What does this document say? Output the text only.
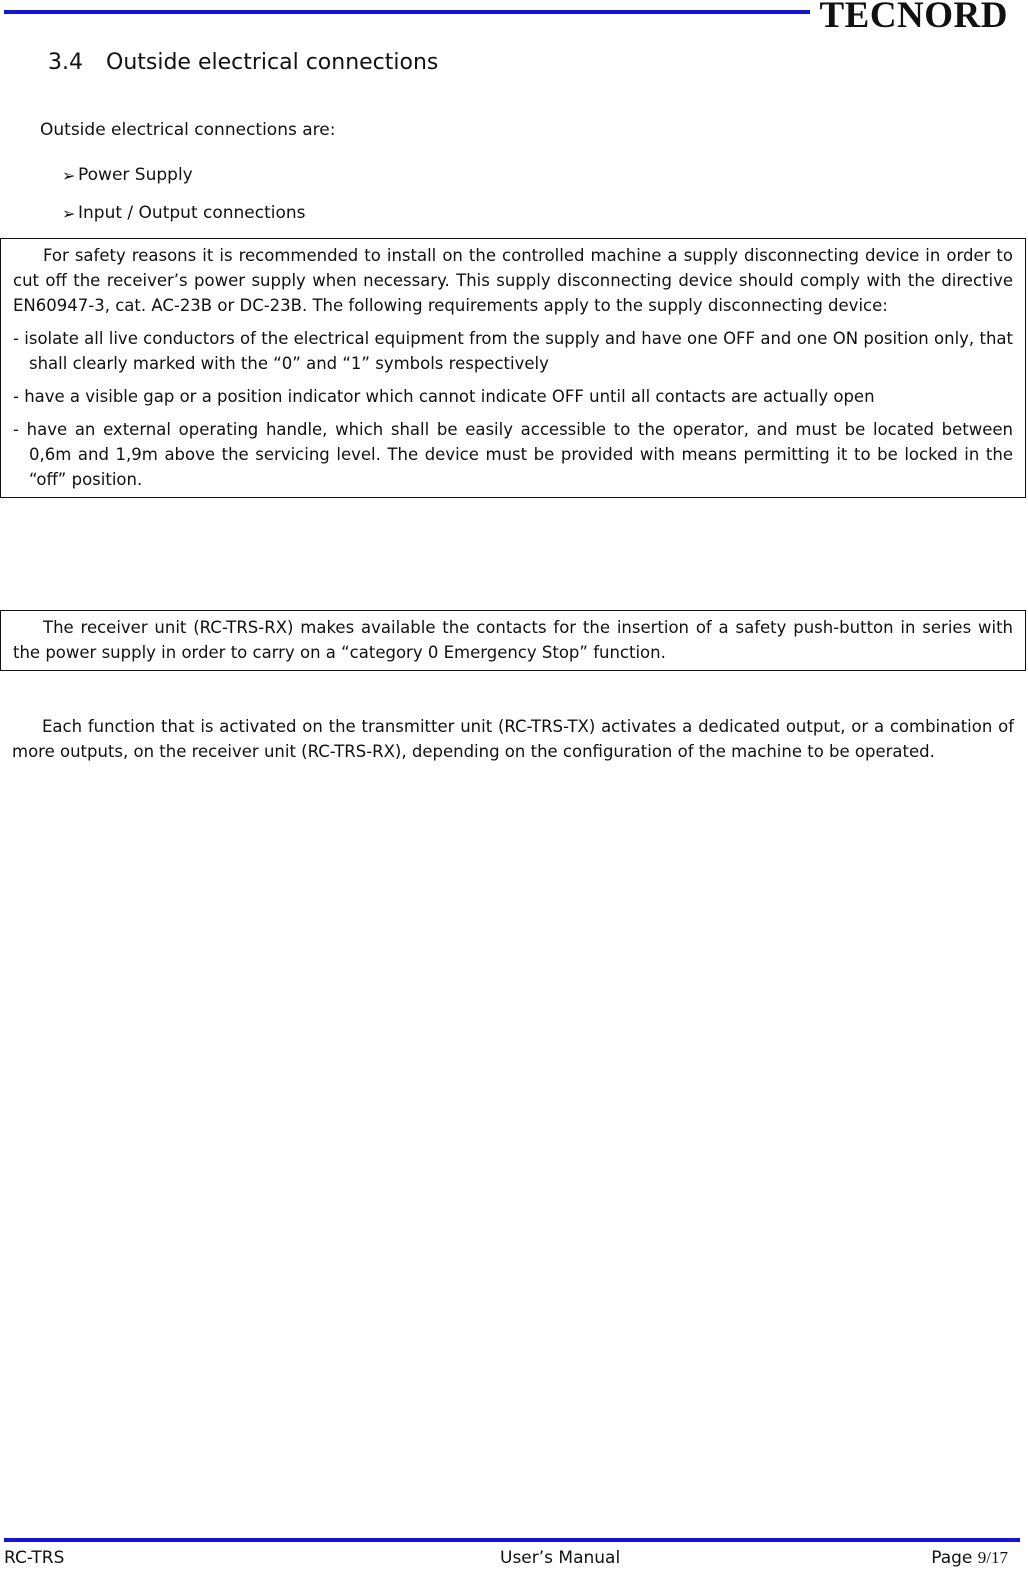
TECNORD
3.4 Outside electrical connections

Outside electrical connections are:

➢ Power Supply
➢ Input / Output connections

For safety reasons it is recommended to install on the controlled machine a supply disconnecting device in order to cut off the receiver’s power supply when necessary. This supply disconnecting device should comply with the directive EN60947-3, cat. AC-23B or DC-23B. The following requirements apply to the supply disconnecting device:

- isolate all live conductors of the electrical equipment from the supply and have one OFF and one ON position only, that shall clearly marked with the “0” and “1” symbols respectively

- have a visible gap or a position indicator which cannot indicate OFF until all contacts are actually open

- have an external operating handle, which shall be easily accessible to the operator, and must be located between 0,6m and 1,9m above the servicing level. The device must be provided with means permitting it to be locked in the “off” position.

The receiver unit (RC-TRS-RX) makes available the contacts for the insertion of a safety push-button in series with the power supply in order to carry on a “category 0 Emergency Stop” function.

Each function that is activated on the transmitter unit (RC-TRS-TX) activates a dedicated output, or a combination of more outputs, on the receiver unit (RC-TRS-RX), depending on the configuration of the machine to be operated.

RC-TRS	User’s Manual	Page 9/17
